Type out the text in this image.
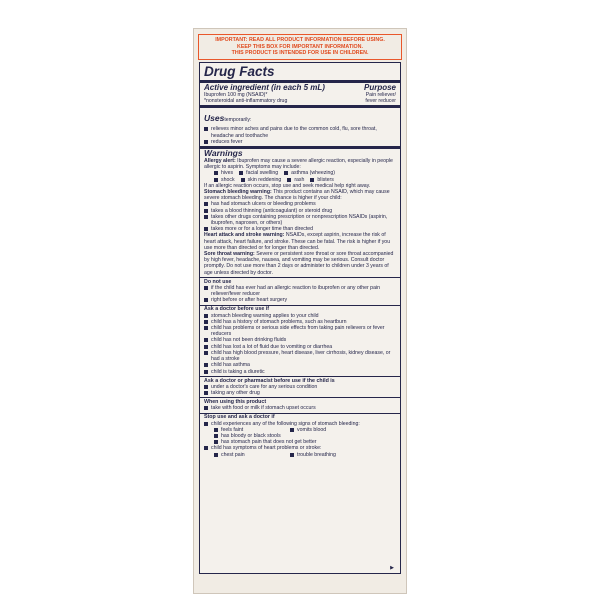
IMPORTANT: READ ALL PRODUCT INFORMATION BEFORE USING.
KEEP THIS BOX FOR IMPORTANT INFORMATION.
THIS PRODUCT IS INTENDED FOR USE IN CHILDREN.
Drug Facts
Active ingredient (in each 5 mL)	Purpose
Ibuprofen 100 mg (NSAID)*	Pain reliever/
*nonsteroidal anti-inflammatory drug	fever reducer
Usestemporarily:
relieves minor aches and pains due to the common cold, flu, sore throat, headache and toothache
reduces fever
Warnings
Allergy alert: Ibuprofen may cause a severe allergic reaction, especially in people allergic to aspirin. Symptoms may include:
hives	facial swelling	asthma (wheezing)
shock	skin reddening	rash	blisters
If an allergic reaction occurs, stop use and seek medical help right away.
Stomach bleeding warning: This product contains an NSAID, which may cause severe stomach bleeding. The chance is higher if your child:
has had stomach ulcers or bleeding problems
takes a blood thinning (anticoagulant) or steroid drug
takes other drugs containing prescription or nonprescription NSAIDs (aspirin, ibuprofen, naproxen, or others)
takes more or for a longer time than directed
Heart attack and stroke warning: NSAIDs, except aspirin, increase the risk of heart attack, heart failure, and stroke. These can be fatal. The risk is higher if you use more than directed or for longer than directed.
Sore throat warning: Severe or persistent sore throat or sore throat accompanied by high fever, headache, nausea, and vomiting may be serious. Consult doctor promptly. Do not use more than 2 days or administer to children under 3 years of age unless directed by doctor.
Do not use
if the child has ever had an allergic reaction to ibuprofen or any other pain reliever/fever reducer
right before or after heart surgery
Ask a doctor before use if
stomach bleeding warning applies to your child
child has a history of stomach problems, such as heartburn
child has problems or serious side effects from taking pain relievers or fever reducers
child has not been drinking fluids
child has lost a lot of fluid due to vomiting or diarrhea
child has high blood pressure, heart disease, liver cirrhosis, kidney disease, or had a stroke
child has asthma
child is taking a diuretic
Ask a doctor or pharmacist before use if the child is
under a doctor's care for any serious condition
taking any other drug
When using this product
take with food or milk if stomach upset occurs
Stop use and ask a doctor if
child experiences any of the following signs of stomach bleeding:
feels faint	vomits blood
has bloody or black stools
has stomach pain that does not get better
child has symptoms of heart problems or stroke:
chest pain	trouble breathing
▶
